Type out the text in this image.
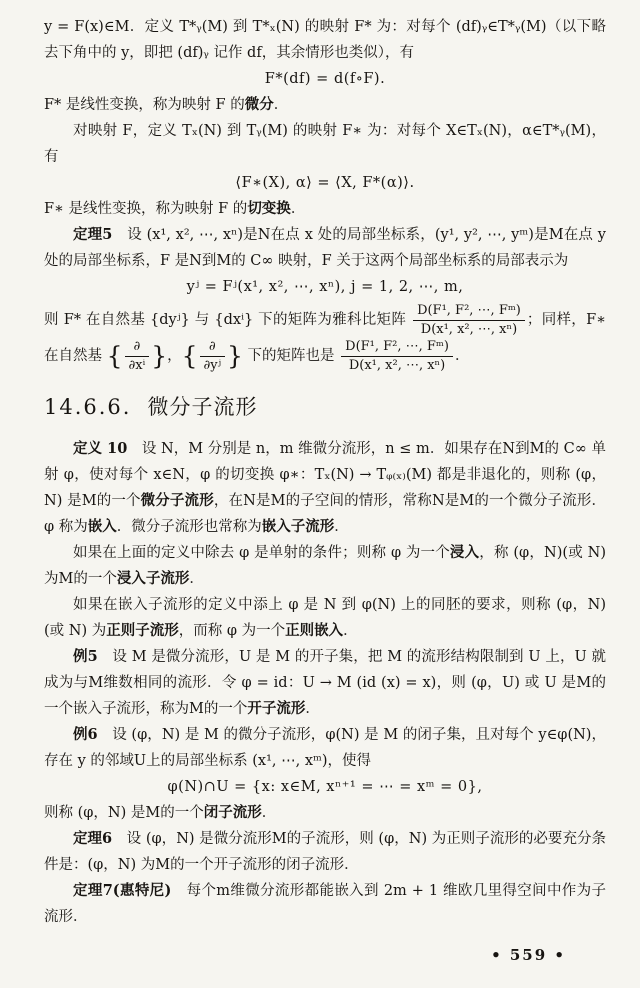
y = F(x)∈M．定义 T*ᵧ(M) 到 T*ₓ(N) 的映射 F* 为：对每个 (df)ᵧ∈T*ᵧ(M)（以下略去下角中的 y，即把 (df)ᵧ 记作 df，其余情形也类似），有

F*(df) = d(f∘F).

F* 是线性变换，称为映射 F 的微分．

对映射 F，定义 Tₓ(N) 到 Tᵧ(M) 的映射 F∗ 为：对每个 X∈Tₓ(N)，α∈T*ᵧ(M)，有

⟨F∗(X), α⟩ = ⟨X, F*(α)⟩.

F∗ 是线性变换，称为映射 F 的切变换．

定理5　设 (x¹, x², ⋯, xⁿ)是N在点 x 处的局部坐标系，(y¹, y², ⋯, yᵐ)是M在点 y 处的局部坐标系，F 是N到M的 C∞ 映射，F 关于这两个局部坐标系的局部表示为

yʲ = Fʲ(x¹, x², ⋯, xⁿ), j = 1, 2, ⋯, m,

则 F* 在自然基 {dyʲ} 与 {dxⁱ} 下的矩阵为雅科比矩阵 $\frac{\text{D(F¹, F², ⋯, Fᵐ)}}{\text{D(x¹, x², ⋯, xⁿ)}}$ ；同样，F∗ 在自然基 { $\frac{\partial}{\text{∂xⁱ}}$ }，{ $\frac{\partial}{\text{∂yʲ}}$ } 下的矩阵也是 $\frac{\text{D(F¹, F², ⋯, Fᵐ)}}{\text{D(x¹, x², ⋯, xⁿ)}}$ ．

14.6.6. 微分子流形

定义 10　设 N，M 分别是 n，m 维微分流形，n ≤ m．如果存在N到M的 C∞ 单射 φ，使对每个 x∈N，φ 的切变换 φ∗：Tₓ(N) → Tᵩ₍ₓ₎(M) 都是非退化的，则称 (φ，N) 是M的一个微分子流形，在N是M的子空间的情形，常称N是M的一个微分子流形．φ 称为嵌入．微分子流形也常称为嵌入子流形．

如果在上面的定义中除去 φ 是单射的条件；则称 φ 为一个浸入，称 (φ，N)(或 N) 为M的一个浸入子流形．

如果在嵌入子流形的定义中添上 φ 是 N 到 φ(N) 上的同胚的要求，则称 (φ，N)(或 N) 为正则子流形，而称 φ 为一个正则嵌入．

例5　设 M 是微分流形，U 是 M 的开子集，把 M 的流形结构限制到 U 上，U 就成为与M维数相同的流形．令 φ = id：U → M (id (x) = x)，则 (φ，U) 或 U 是M的一个嵌入子流形，称为M的一个开子流形．

例6　设 (φ，N) 是 M 的微分子流形，φ(N) 是 M 的闭子集，且对每个 y∈φ(N)，存在 y 的邻域U上的局部坐标系 (x¹, ⋯, xᵐ)，使得

φ(N)∩U = {x: x∈M, xⁿ⁺¹ = ⋯ = xᵐ = 0},

则称 (φ，N) 是M的一个闭子流形．

定理6　设 (φ，N) 是微分流形M的子流形，则 (φ，N) 为正则子流形的必要充分条件是：(φ，N) 为M的一个开子流形的闭子流形．

定理7(惠特尼)　每个m维微分流形都能嵌入到 2m + 1 维欧几里得空间中作为子流形．

• 559 •
